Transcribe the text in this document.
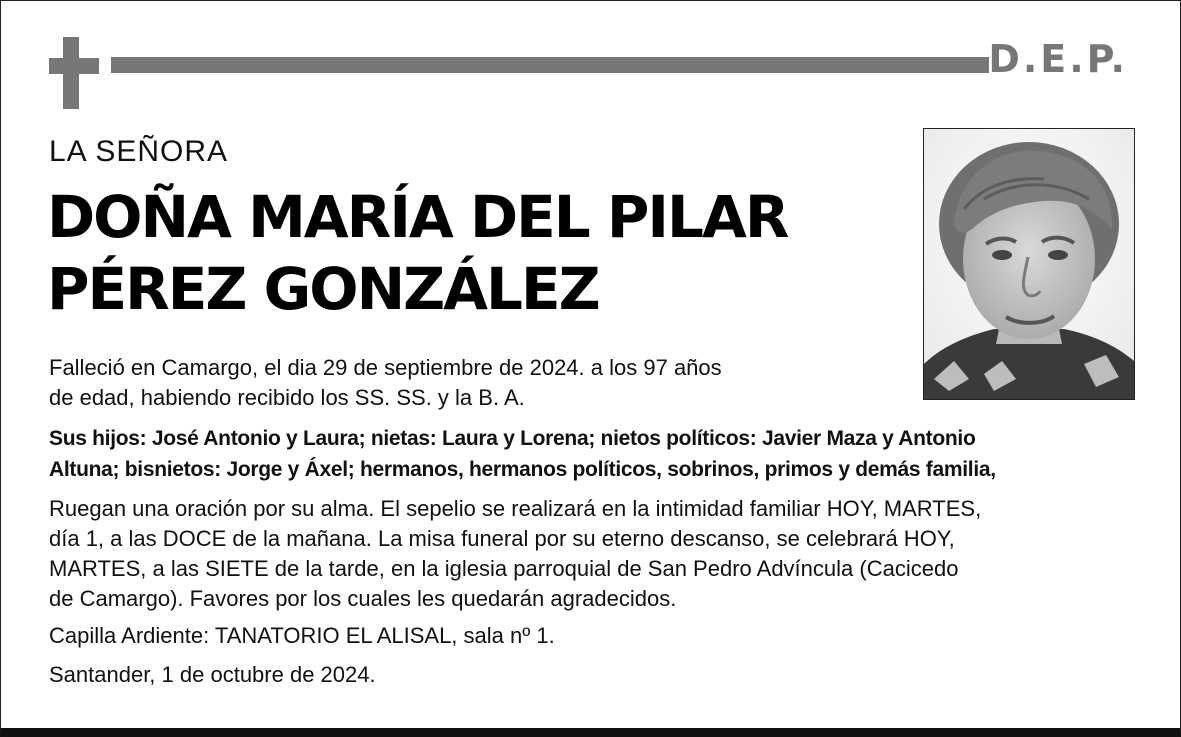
D.E.P.
LA SEÑORA
DOÑA MARÍA DEL PILAR
PÉREZ GONZÁLEZ
Falleció en Camargo, el dia 29 de septiembre de 2024. a los 97 años
de edad, habiendo recibido los SS. SS. y la B. A.
Sus hijos: José Antonio y Laura; nietas: Laura y Lorena; nietos políticos: Javier Maza y Antonio
Altuna; bisnietos: Jorge y Áxel; hermanos, hermanos políticos, sobrinos, primos y demás familia,
Ruegan una oración por su alma. El sepelio se realizará en la intimidad familiar HOY, MARTES,
día 1, a las DOCE de la mañana. La misa funeral por su eterno descanso, se celebrará HOY,
MARTES, a las SIETE de la tarde, en la iglesia parroquial de San Pedro Advíncula (Cacicedo
de Camargo). Favores por los cuales les quedarán agradecidos.
Capilla Ardiente: TANATORIO EL ALISAL, sala nº 1.
Santander, 1 de octubre de 2024.
